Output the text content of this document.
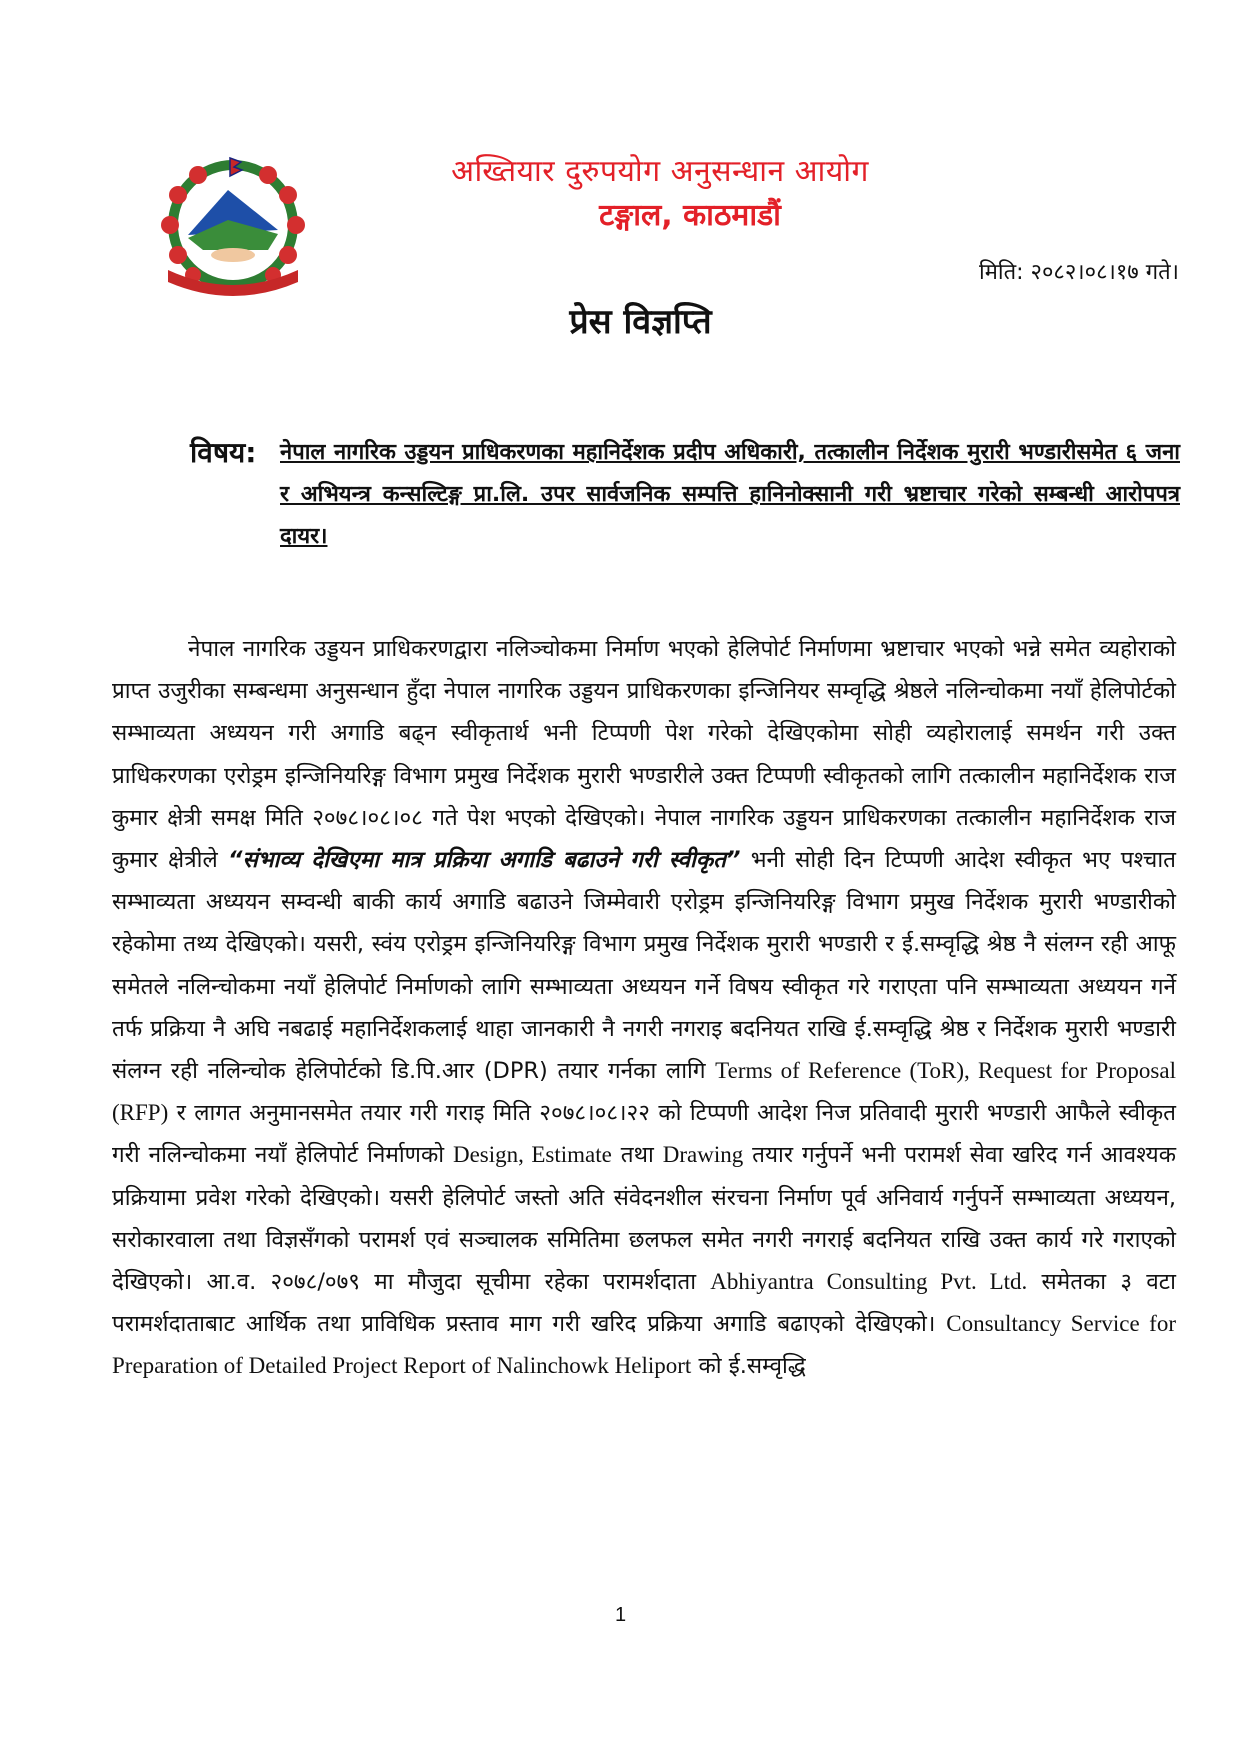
अख्तियार दुरुपयोग अनुसन्धान आयोग
टङ्गाल, काठमाडौं
मिति: २०८२।०८।१७ गते।
प्रेस विज्ञप्ति
विषय: नेपाल नागरिक उड्डयन प्राधिकरणका महानिर्देशक प्रदीप अधिकारी, तत्कालीन निर्देशक मुरारी भण्डारीसमेत ६ जना र अभियन्त्र कन्सल्टिङ्ग प्रा.लि. उपर सार्वजनिक सम्पत्ति हानिनोक्सानी गरी भ्रष्टाचार गरेको सम्बन्धी आरोपपत्र दायर।

नेपाल नागरिक उड्डयन प्राधिकरणद्वारा नलिञ्चोकमा निर्माण भएको हेलिपोर्ट निर्माणमा भ्रष्टाचार भएको भन्ने समेत व्यहोराको प्राप्त उजुरीका सम्बन्धमा अनुसन्धान हुँदा नेपाल नागरिक उड्डयन प्राधिकरणका इन्जिनियर सम्वृद्धि श्रेष्ठले नलिन्चोकमा नयाँ हेलिपोर्टको सम्भाव्यता अध्ययन गरी अगाडि बढ्न स्वीकृतार्थ भनी टिप्पणी पेश गरेको देखिएकोमा सोही व्यहोरालाई समर्थन गरी उक्त प्राधिकरणका एरोड्रम इन्जिनियरिङ्ग विभाग प्रमुख निर्देशक मुरारी भण्डारीले उक्त टिप्पणी स्वीकृतको लागि तत्कालीन महानिर्देशक राज कुमार क्षेत्री समक्ष मिति २०७८।०८।०८ गते पेश भएको देखिएको। नेपाल नागरिक उड्डयन प्राधिकरणका तत्कालीन महानिर्देशक राज कुमार क्षेत्रीले “संभाव्य देखिएमा मात्र प्रक्रिया अगाडि बढाउने गरी स्वीकृत” भनी सोही दिन टिप्पणी आदेश स्वीकृत भए पश्चात सम्भाव्यता अध्ययन सम्वन्धी बाकी कार्य अगाडि बढाउने जिम्मेवारी एरोड्रम इन्जिनियरिङ्ग विभाग प्रमुख निर्देशक मुरारी भण्डारीको रहेकोमा तथ्य देखिएको। यसरी, स्वंय एरोड्रम इन्जिनियरिङ्ग विभाग प्रमुख निर्देशक मुरारी भण्डारी र ई.सम्वृद्धि श्रेष्ठ नै संलग्न रही आफू समेतले नलिन्चोकमा नयाँ हेलिपोर्ट निर्माणको लागि सम्भाव्यता अध्ययन गर्ने विषय स्वीकृत गरे गराएता पनि सम्भाव्यता अध्ययन गर्ने तर्फ प्रक्रिया नै अघि नबढाई महानिर्देशकलाई थाहा जानकारी नै नगरी नगराइ बदनियत राखि ई.सम्वृद्धि श्रेष्ठ र निर्देशक मुरारी भण्डारी संलग्न रही नलिन्चोक हेलिपोर्टको डि.पि.आर (DPR) तयार गर्नका लागि Terms of Reference (ToR), Request for Proposal (RFP) र लागत अनुमानसमेत तयार गरी गराइ मिति २०७८।०८।२२ को टिप्पणी आदेश निज प्रतिवादी मुरारी भण्डारी आफैले स्वीकृत गरी नलिन्चोकमा नयाँ हेलिपोर्ट निर्माणको Design, Estimate तथा Drawing तयार गर्नुपर्ने भनी परामर्श सेवा खरिद गर्न आवश्यक प्रक्रियामा प्रवेश गरेको देखिएको। यसरी हेलिपोर्ट जस्तो अति संवेदनशील संरचना निर्माण पूर्व अनिवार्य गर्नुपर्ने सम्भाव्यता अध्ययन, सरोकारवाला तथा विज्ञसँगको परामर्श एवं सञ्चालक समितिमा छलफल समेत नगरी नगराई बदनियत राखि उक्त कार्य गरे गराएको देखिएको। आ.व. २०७८/०७९ मा मौजुदा सूचीमा रहेका परामर्शदाता Abhiyantra Consulting Pvt. Ltd. समेतका ३ वटा परामर्शदाताबाट आर्थिक तथा प्राविधिक प्रस्ताव माग गरी खरिद प्रक्रिया अगाडि बढाएको देखिएको। Consultancy Service for Preparation of Detailed Project Report of Nalinchowk Heliport को ई.सम्वृद्धि

1
